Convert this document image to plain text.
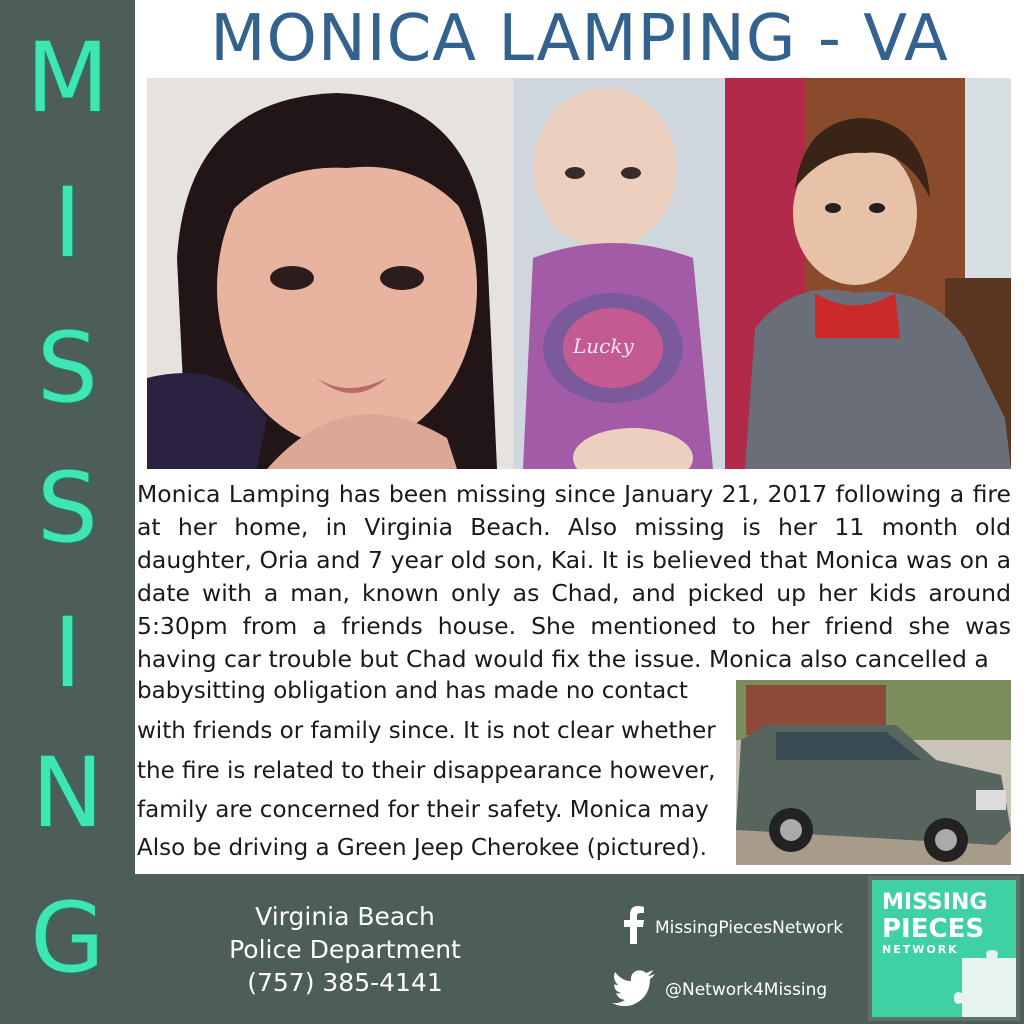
M
I
S
S
I
N
G
MONICA LAMPING - VA
Lucky
Monica Lamping has been missing since January 21, 2017 following a fire at her home, in Virginia Beach. Also missing is her 11 month old daughter, Oria and 7 year old son, Kai. It is believed that Monica was on a date with a man, known only as Chad, and picked up her kids around 5:30pm from a friends house. She mentioned to her friend she was having car trouble but Chad would fix the issue. Monica also cancelled a
babysitting obligation and has made no contact
with friends or family since. It is not clear whether
the fire is related to their disappearance however,
family are concerned for their safety. Monica may
Also be driving a Green Jeep Cherokee (pictured).
Virginia Beach
Police Department
(757) 385-4141
MissingPiecesNetwork
@Network4Missing
MISSING
PIECES
NETWORK
